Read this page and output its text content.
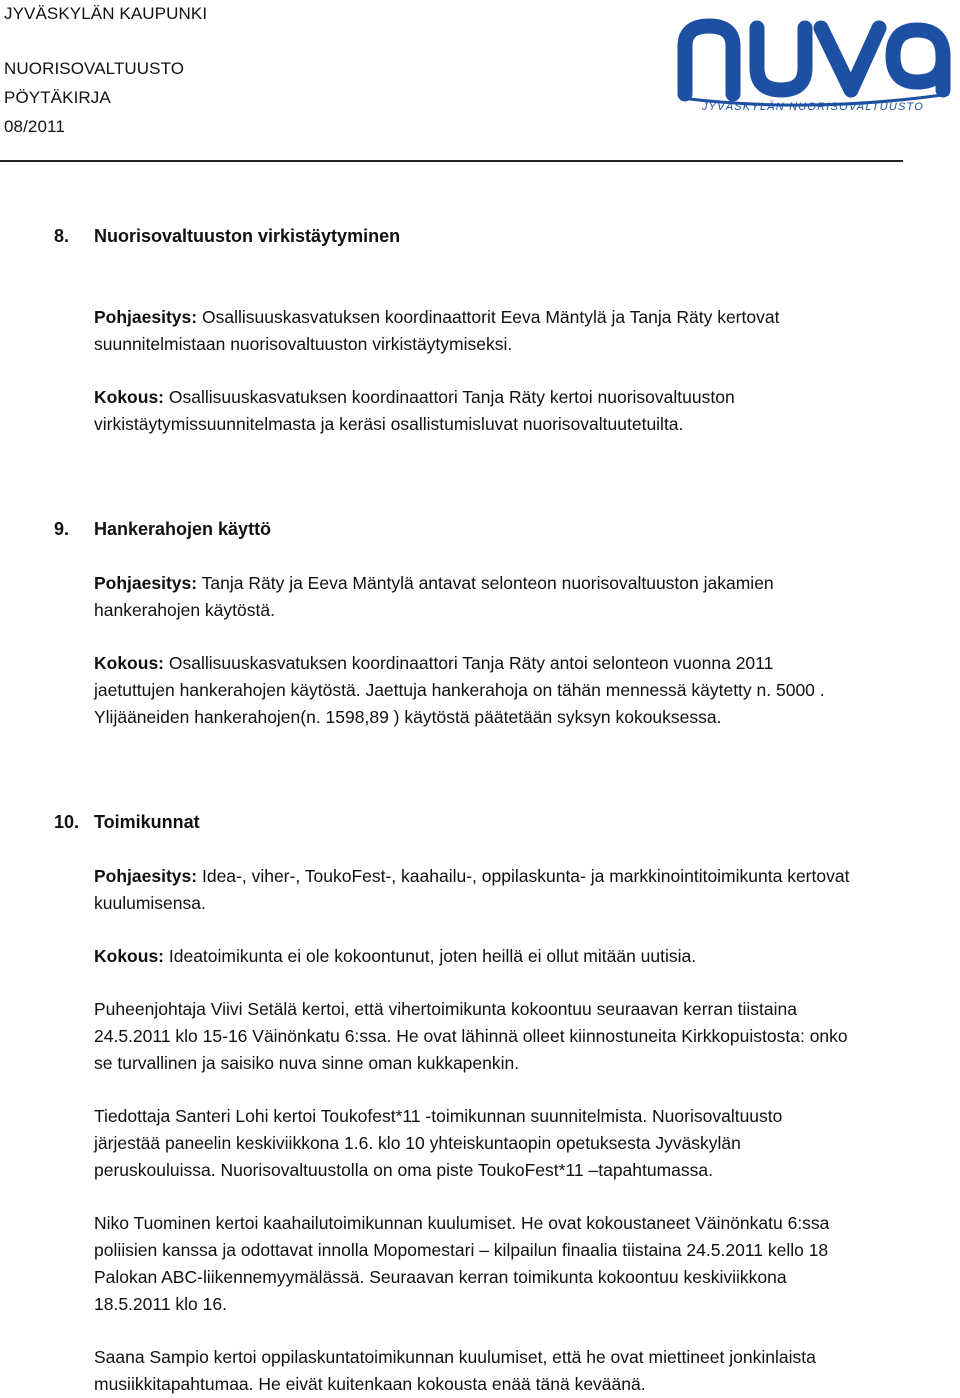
JYVÄSKYLÄN KAUPUNKI
NUORISOVALTUUSTO
PÖYTÄKIRJA
08/2011
JYVÄSKYLÄN NUORISOVALTUUSTO
8. Nuorisovaltuuston virkistäytyminen
Pohjaesitys: Osallisuuskasvatuksen koordinaattorit Eeva Mäntylä ja Tanja Räty kertovat
suunnitelmistaan nuorisovaltuuston virkistäytymiseksi.
Kokous: Osallisuuskasvatuksen koordinaattori Tanja Räty kertoi nuorisovaltuuston
virkistäytymissuunnitelmasta ja keräsi osallistumisluvat nuorisovaltuutetuilta.
9. Hankerahojen käyttö
Pohjaesitys: Tanja Räty ja Eeva Mäntylä antavat selonteon nuorisovaltuuston jakamien
hankerahojen käytöstä.
Kokous: Osallisuuskasvatuksen koordinaattori Tanja Räty antoi selonteon vuonna 2011
jaetuttujen hankerahojen käytöstä. Jaettuja hankerahoja on tähän mennessä käytetty n. 5000 .
Ylijääneiden hankerahojen(n. 1598,89 ) käytöstä päätetään syksyn kokouksessa.
10. Toimikunnat
Pohjaesitys: Idea-, viher-, ToukoFest-, kaahailu-, oppilaskunta- ja markkinointitoimikunta kertovat
kuulumisensa.
Kokous: Ideatoimikunta ei ole kokoontunut, joten heillä ei ollut mitään uutisia.
Puheenjohtaja Viivi Setälä kertoi, että vihertoimikunta kokoontuu seuraavan kerran tiistaina
24.5.2011 klo 15-16 Väinönkatu 6:ssa. He ovat lähinnä olleet kiinnostuneita Kirkkopuistosta: onko
se turvallinen ja saisiko nuva sinne oman kukkapenkin.
Tiedottaja Santeri Lohi kertoi Toukofest*11 -toimikunnan suunnitelmista. Nuorisovaltuusto
järjestää paneelin keskiviikkona 1.6. klo 10 yhteiskuntaopin opetuksesta Jyväskylän
peruskouluissa. Nuorisovaltuustolla on oma piste ToukoFest*11 –tapahtumassa.
Niko Tuominen kertoi kaahailutoimikunnan kuulumiset. He ovat kokoustaneet Väinönkatu 6:ssa
poliisien kanssa ja odottavat innolla Mopomestari – kilpailun finaalia tiistaina 24.5.2011 kello 18
Palokan ABC-liikennemyymälässä. Seuraavan kerran toimikunta kokoontuu keskiviikkona
18.5.2011 klo 16.
Saana Sampio kertoi oppilaskuntatoimikunnan kuulumiset, että he ovat miettineet jonkinlaista
musiikkitapahtumaa. He eivät kuitenkaan kokousta enää tänä keväänä.
